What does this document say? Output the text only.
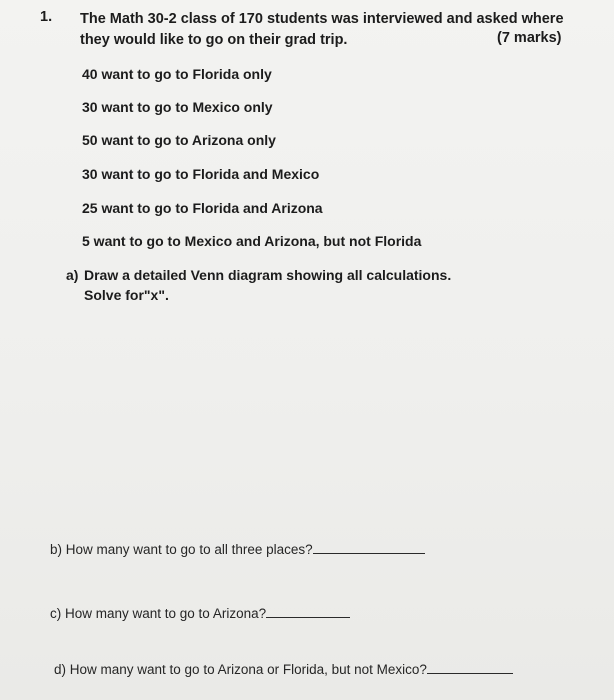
1. The Math 30-2 class of 170 students was interviewed and asked where they would like to go on their grad trip.	(7 marks)
40 want to go to Florida only
30 want to go to Mexico only
50 want to go to Arizona only
30 want to go to Florida and Mexico
25 want to go to Florida and Arizona
5 want to go to Mexico and Arizona, but not Florida
a) Draw a detailed Venn diagram showing all calculations.
Solve for"x".
b) How many want to go to all three places?
c) How many want to go to Arizona?
d) How many want to go to Arizona or Florida, but not Mexico?
